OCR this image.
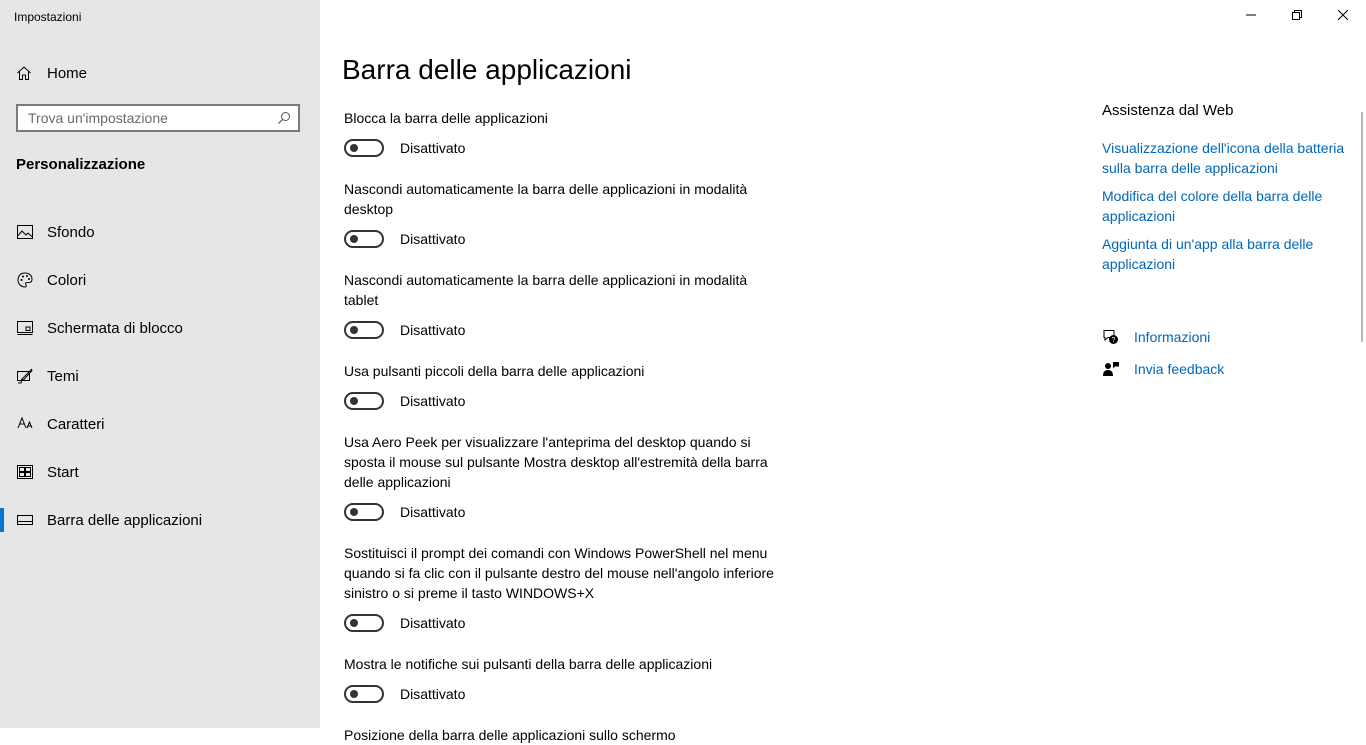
Impostazioni
Home
Trova un'impostazione
Personalizzazione
Sfondo
Colori
Schermata di blocco
Temi
Caratteri
Start
Barra delle applicazioni
Barra delle applicazioni
Blocca la barra delle applicazioni
Disattivato
Nascondi automaticamente la barra delle applicazioni in modalità desktop
Disattivato
Nascondi automaticamente la barra delle applicazioni in modalità tablet
Disattivato
Usa pulsanti piccoli della barra delle applicazioni
Disattivato
Usa Aero Peek per visualizzare l'anteprima del desktop quando si sposta il mouse sul pulsante Mostra desktop all'estremità della barra delle applicazioni
Disattivato
Sostituisci il prompt dei comandi con Windows PowerShell nel menu quando si fa clic con il pulsante destro del mouse nell'angolo inferiore sinistro o si preme il tasto WINDOWS+X
Disattivato
Mostra le notifiche sui pulsanti della barra delle applicazioni
Disattivato
Posizione della barra delle applicazioni sullo schermo
Assistenza dal Web
Visualizzazione dell'icona della batteria sulla barra delle applicazioni
Modifica del colore della barra delle applicazioni
Aggiunta di un'app alla barra delle applicazioni
? Informazioni
Invia feedback
